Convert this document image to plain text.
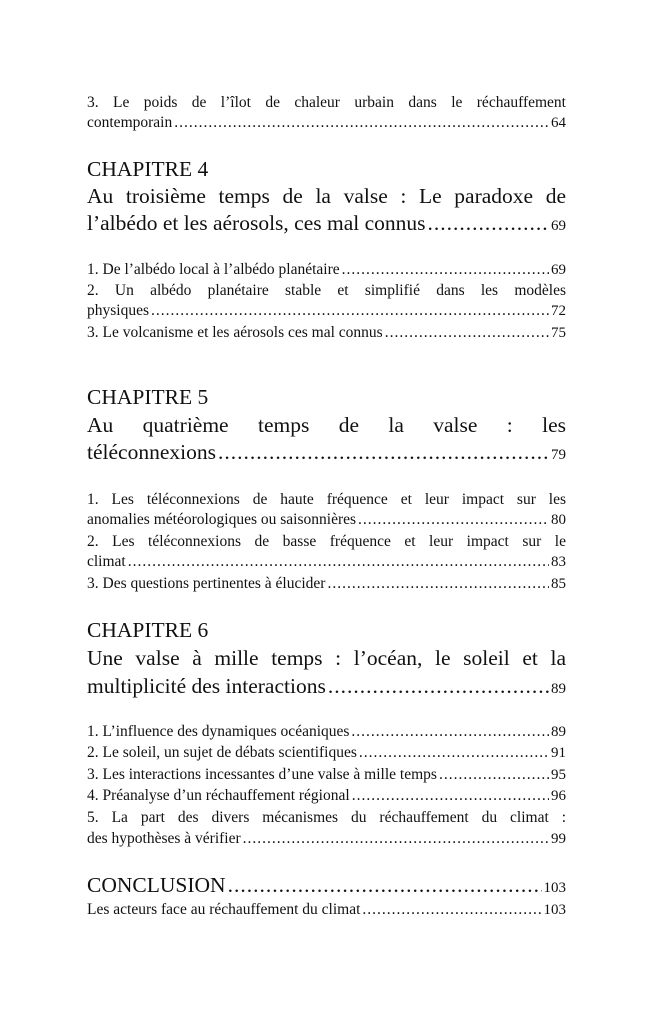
3. Le poids de l’îlot de chaleur urbain dans le réchauffement
contemporain .....	64
CHAPITRE 4
Au troisième temps de la valse : Le paradoxe de
l’albédo et les aérosols, ces mal connus .....	69
1. De l’albédo local à l’albédo planétaire .....	69
2. Un albédo planétaire stable et simplifié dans les modèles
physiques .....	72
3. Le volcanisme et les aérosols ces mal connus .....	75
CHAPITRE 5
Au quatrième temps de la valse : les
téléconnexions .....	79
1. Les téléconnexions de haute fréquence et leur impact sur les
anomalies météorologiques ou saisonnières .....	80
2. Les téléconnexions de basse fréquence et leur impact sur le
climat .....	83
3. Des questions pertinentes à élucider .....	85
CHAPITRE 6
Une valse à mille temps : l’océan, le soleil et la
multiplicité des interactions .....	89
1. L’influence des dynamiques océaniques .....	89
2. Le soleil, un sujet de débats scientifiques .....	91
3. Les interactions incessantes d’une valse à mille temps .....	95
4. Préanalyse d’un réchauffement régional .....	96
5. La part des divers mécanismes du réchauffement du climat :
des hypothèses à vérifier .....	99
CONCLUSION .....	103
Les acteurs face au réchauffement du climat .....	103
